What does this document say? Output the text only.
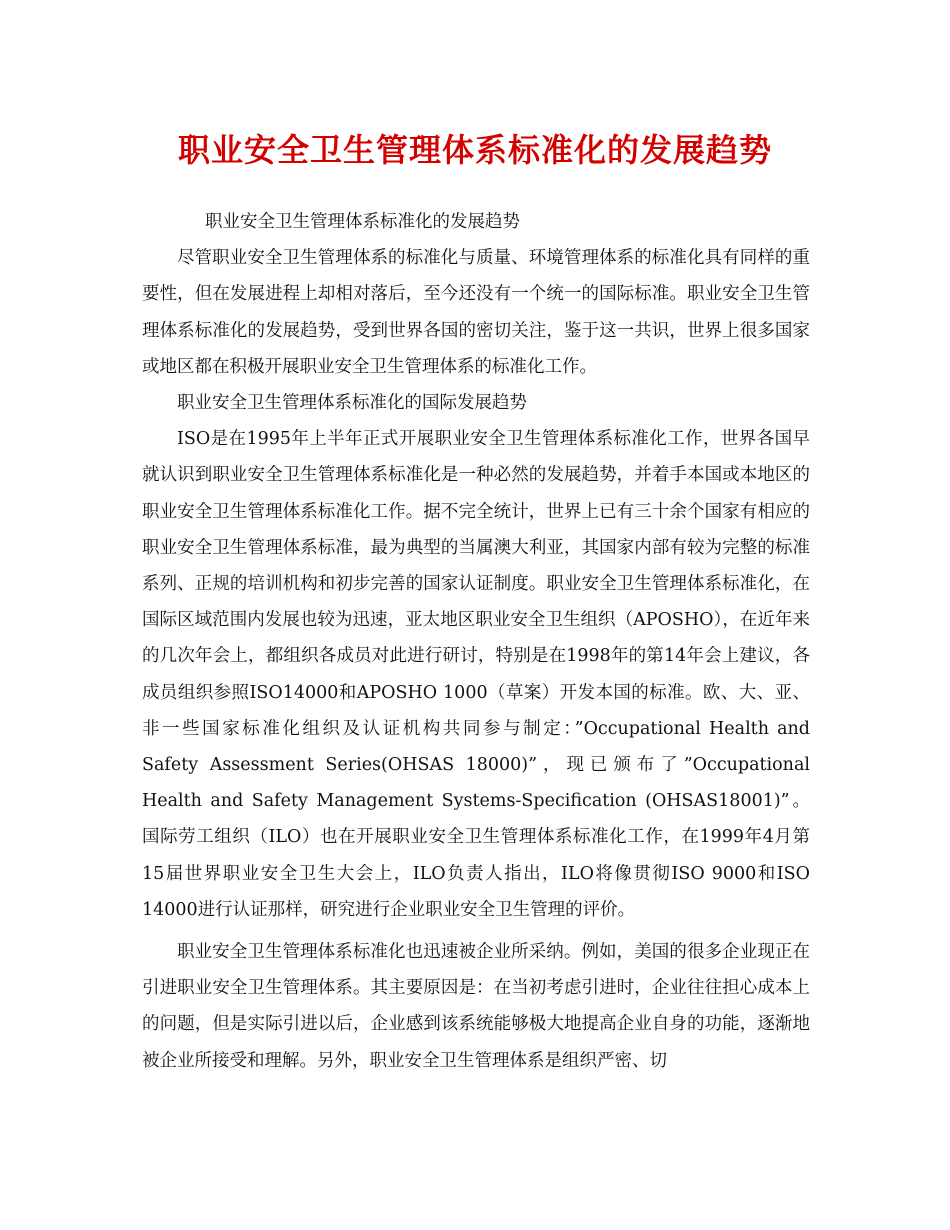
职业安全卫生管理体系标准化的发展趋势

职业安全卫生管理体系标准化的发展趋势

尽管职业安全卫生管理体系的标准化与质量、环境管理体系的标准化具有同样的重要性，但在发展进程上却相对落后，至今还没有一个统一的国际标准。职业安全卫生管理体系标准化的发展趋势，受到世界各国的密切关注，鉴于这一共识，世界上很多国家或地区都在积极开展职业安全卫生管理体系的标准化工作。

职业安全卫生管理体系标准化的国际发展趋势

ISO是在1995年上半年正式开展职业安全卫生管理体系标准化工作，世界各国早就认识到职业安全卫生管理体系标准化是一种必然的发展趋势，并着手本国或本地区的职业安全卫生管理体系标准化工作。据不完全统计，世界上已有三十余个国家有相应的职业安全卫生管理体系标准，最为典型的当属澳大利亚，其国家内部有较为完整的标准系列、正规的培训机构和初步完善的国家认证制度。职业安全卫生管理体系标准化，在国际区域范围内发展也较为迅速，亚太地区职业安全卫生组织（APOSHO），在近年来的几次年会上，都组织各成员对此进行研讨，特别是在1998年的第14年会上建议，各成员组织参照ISO14000和APOSHO 1000（草案）开发本国的标准。欧、大、亚、非一些国家标准化组织及认证机构共同参与制定：”Occupational Health and Safety Assessment Series(OHSAS 18000)”，现已颁布了”Occupational Health and Safety Management Systems-Specification (OHSAS18001)”。国际劳工组织（ILO）也在开展职业安全卫生管理体系标准化工作，在1999年4月第15届世界职业安全卫生大会上，ILO负责人指出，ILO将像贯彻ISO 9000和ISO 14000进行认证那样，研究进行企业职业安全卫生管理的评价。

职业安全卫生管理体系标准化也迅速被企业所采纳。例如，美国的很多企业现正在引进职业安全卫生管理体系。其主要原因是：在当初考虑引进时，企业往往担心成本上的问题，但是实际引进以后，企业感到该系统能够极大地提高企业自身的功能，逐渐地被企业所接受和理解。另外，职业安全卫生管理体系是组织严密、切
